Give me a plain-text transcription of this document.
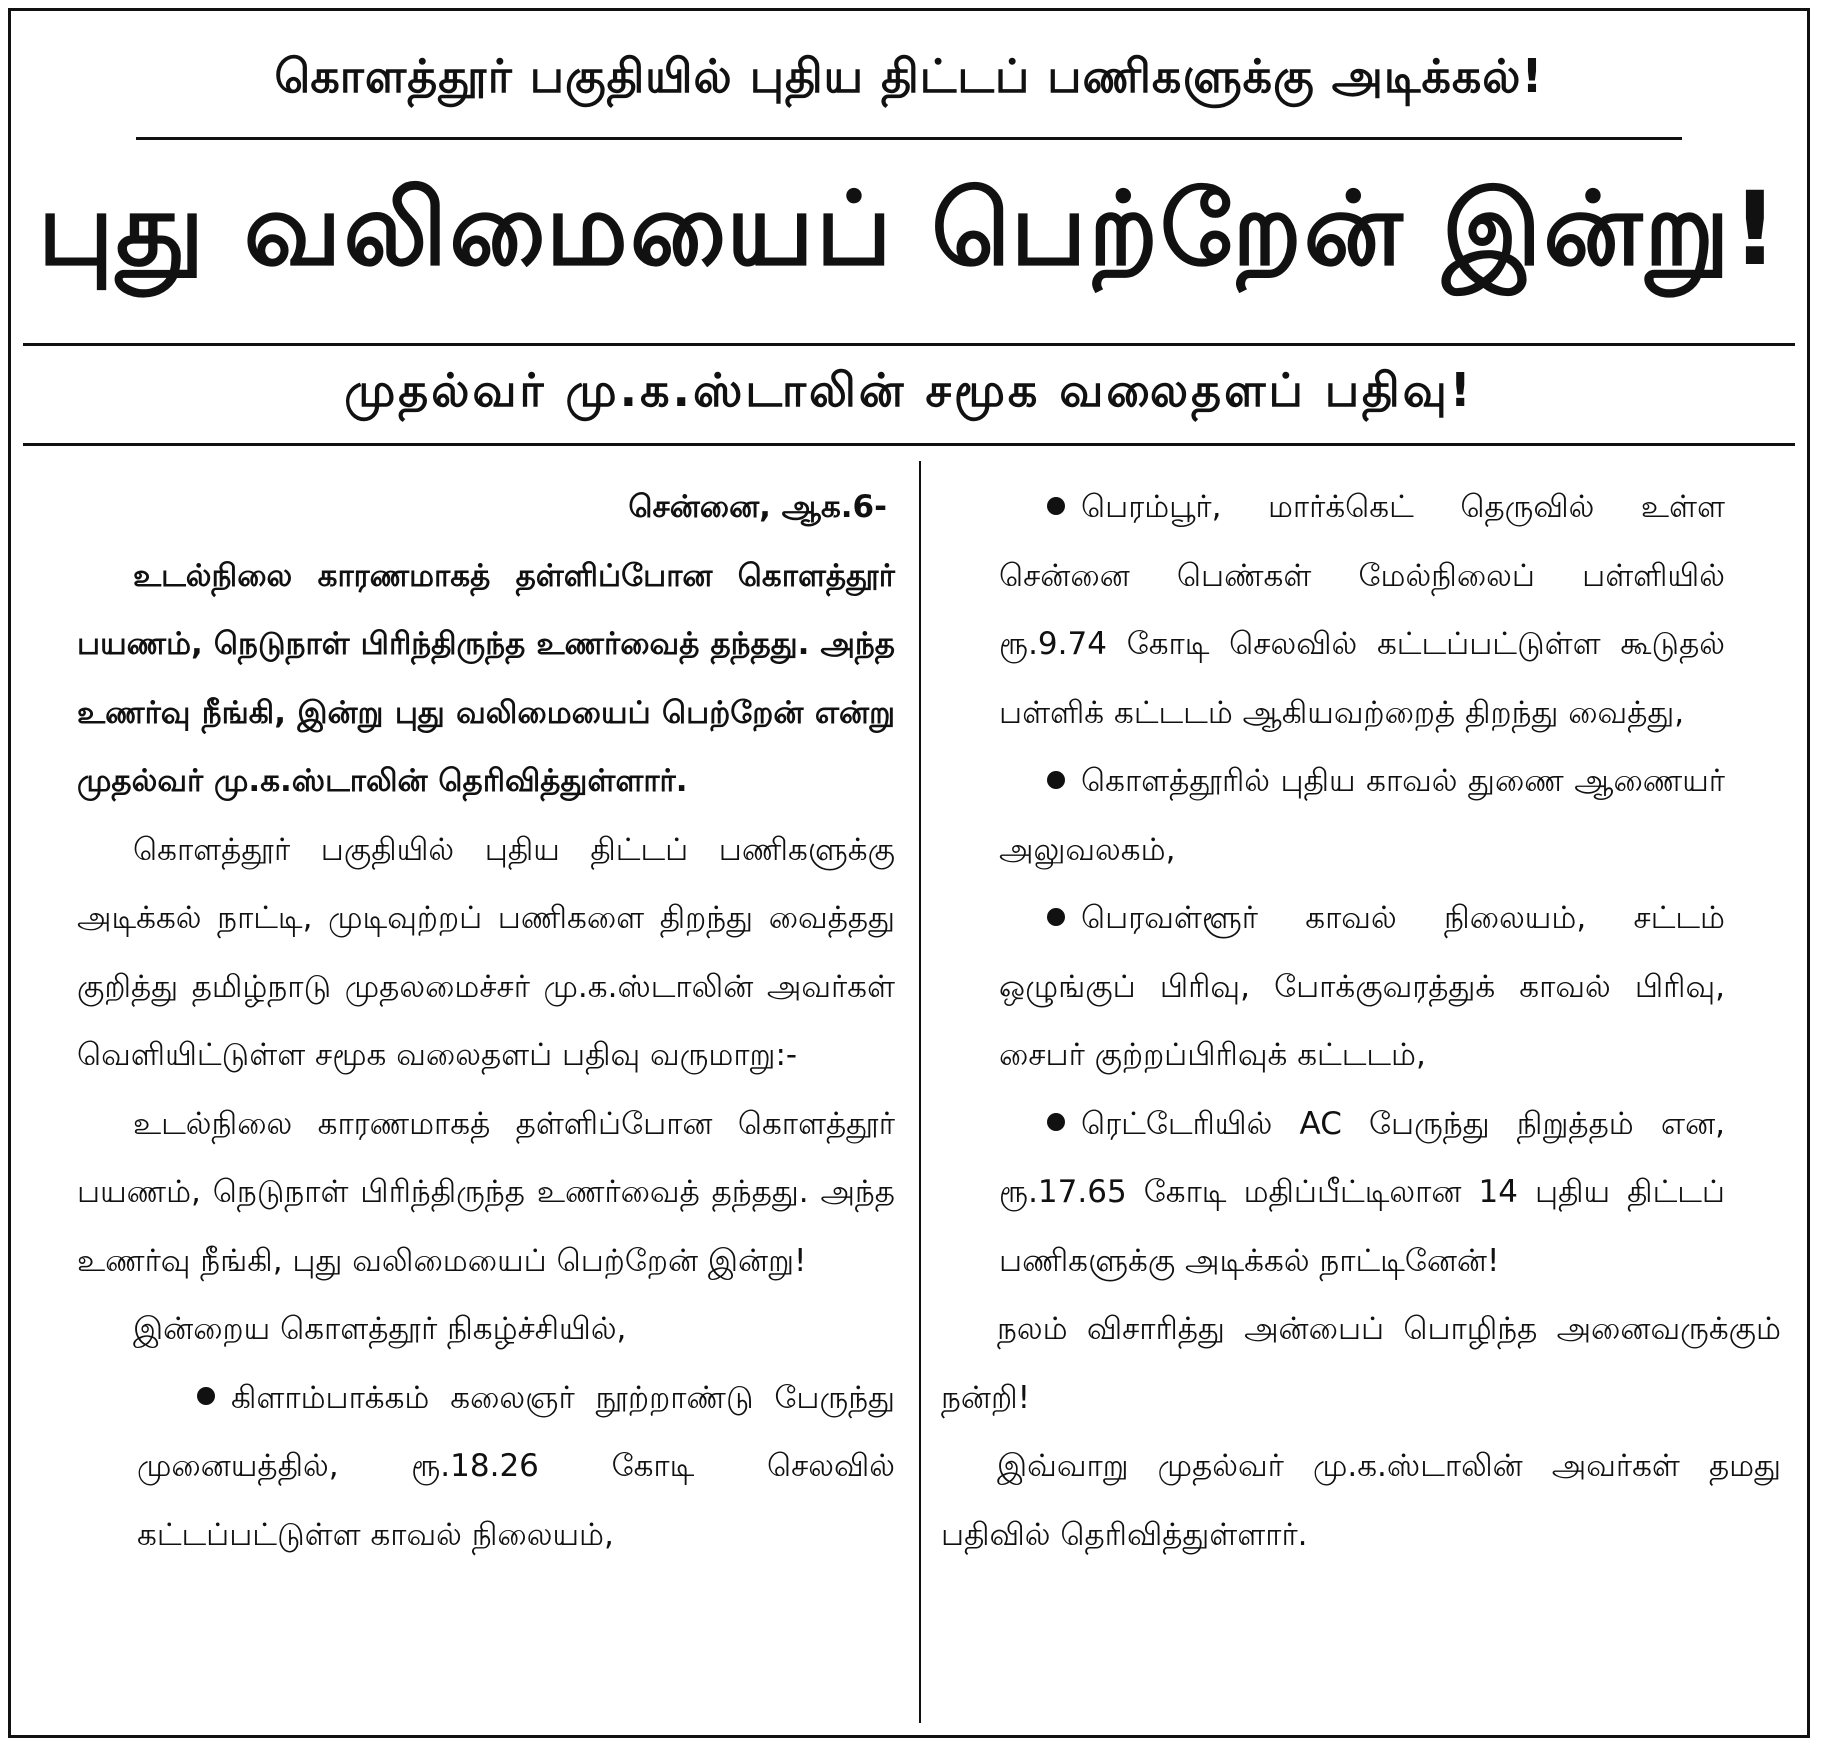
கொளத்தூர் பகுதியில் புதிய திட்டப் பணிகளுக்கு அடிக்கல்!
புது வலிமையைப் பெற்றேன் இன்று!
முதல்வர் மு.க.ஸ்டாலின் சமூக வலைதளப் பதிவு!

சென்னை, ஆக.6-

உடல்நிலை காரணமாகத் தள்ளிப்போன கொளத்தூர் பயணம், நெடுநாள் பிரிந்திருந்த உணர்வைத் தந்தது. அந்த உணர்வு நீங்கி, இன்று புது வலிமையைப் பெற்றேன் என்று முதல்வர் மு.க.ஸ்டாலின் தெரிவித்துள்ளார்.

கொளத்தூர் பகுதியில் புதிய திட்டப் பணிகளுக்கு அடிக்கல் நாட்டி, முடிவுற்றப் பணிகளை திறந்து வைத்தது குறித்து தமிழ்நாடு முதலமைச்சர் மு.க.ஸ்டாலின் அவர்கள் வெளியிட்டுள்ள சமூக வலைதளப் பதிவு வருமாறு:-

உடல்நிலை காரணமாகத் தள்ளிப்போன கொளத்தூர் பயணம், நெடுநாள் பிரிந்திருந்த உணர்வைத் தந்தது. அந்த உணர்வு நீங்கி, புது வலிமையைப் பெற்றேன் இன்று!

இன்றைய கொளத்தூர் நிகழ்ச்சியில்,

கிளாம்பாக்கம் கலைஞர் நூற்றாண்டு பேருந்து முனையத்தில், ரூ.18.26 கோடி செலவில் கட்டப்பட்டுள்ள காவல் நிலையம்,

பெரம்பூர், மார்க்கெட் தெருவில் உள்ள சென்னை பெண்கள் மேல்நிலைப் பள்ளியில் ரூ.9.74 கோடி செலவில் கட்டப்பட்டுள்ள கூடுதல் பள்ளிக் கட்டடம் ஆகியவற்றைத் திறந்து வைத்து,

கொளத்தூரில் புதிய காவல் துணை ஆணையர் அலுவலகம்,

பெரவள்ளூர் காவல் நிலையம், சட்டம் ஒழுங்குப் பிரிவு, போக்குவரத்துக் காவல் பிரிவு, சைபர் குற்றப்பிரிவுக் கட்டடம்,

ரெட்டேரியில் AC பேருந்து நிறுத்தம் என, ரூ.17.65 கோடி மதிப்பீட்டிலான 14 புதிய திட்டப் பணிகளுக்கு அடிக்கல் நாட்டினேன்!

நலம் விசாரித்து அன்பைப் பொழிந்த அனைவருக்கும் நன்றி!

இவ்வாறு முதல்வர் மு.க.ஸ்டாலின் அவர்கள் தமது பதிவில் தெரிவித்துள்ளார்.
